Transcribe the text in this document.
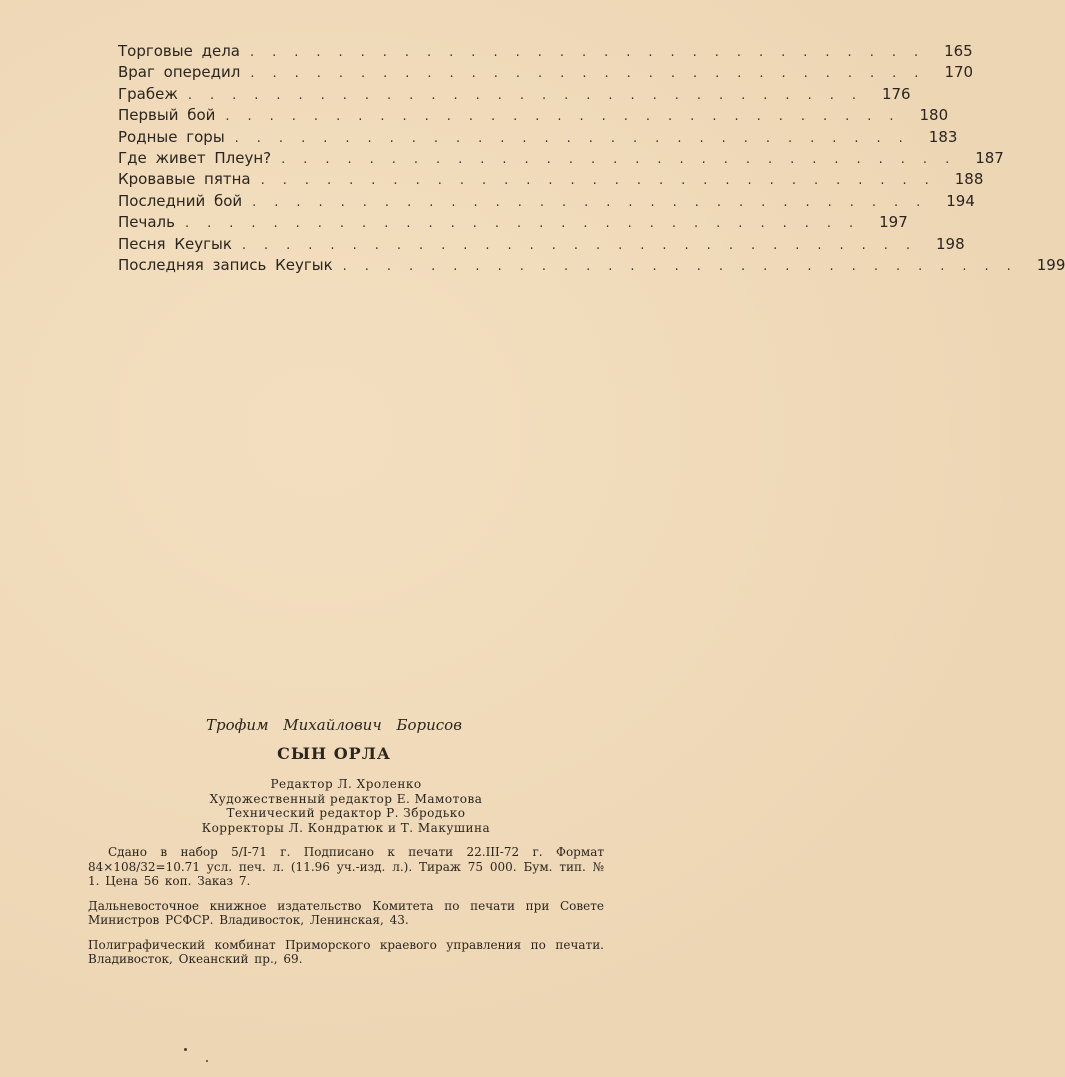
Торговые дела ............................... 165
Враг опередил ............................... 170
Грабеж ............................... 176
Первый бой ............................... 180
Родные горы ............................... 183
Где живет Плеун? ............................... 187
Кровавые пятна ............................... 188
Последний бой ............................... 194
Печаль ............................... 197
Песня Кеугык ............................... 198
Последняя запись Кеугык ............................... 199
Трофим Михайлович Борисов
СЫН ОРЛА
Редактор Л. Хроленко
Художественный редактор Е. Мамотова
Технический редактор Р. Збродько
Корректоры Л. Кондратюк и Т. Макушина
Сдано в набор 5/I-71 г. Подписано к печати 22.III-72 г. Формат 84×108/32=10.71 усл. печ. л. (11.96 уч.-изд. л.). Тираж 75 000. Бум. тип. № 1. Цена 56 коп. Заказ 7.
Дальневосточное книжное издательство Комитета по печати при Совете Министров РСФСР. Владивосток, Ленинская, 43.
Полиграфический комбинат Приморского краевого управления по печати. Владивосток, Океанский пр., 69.
